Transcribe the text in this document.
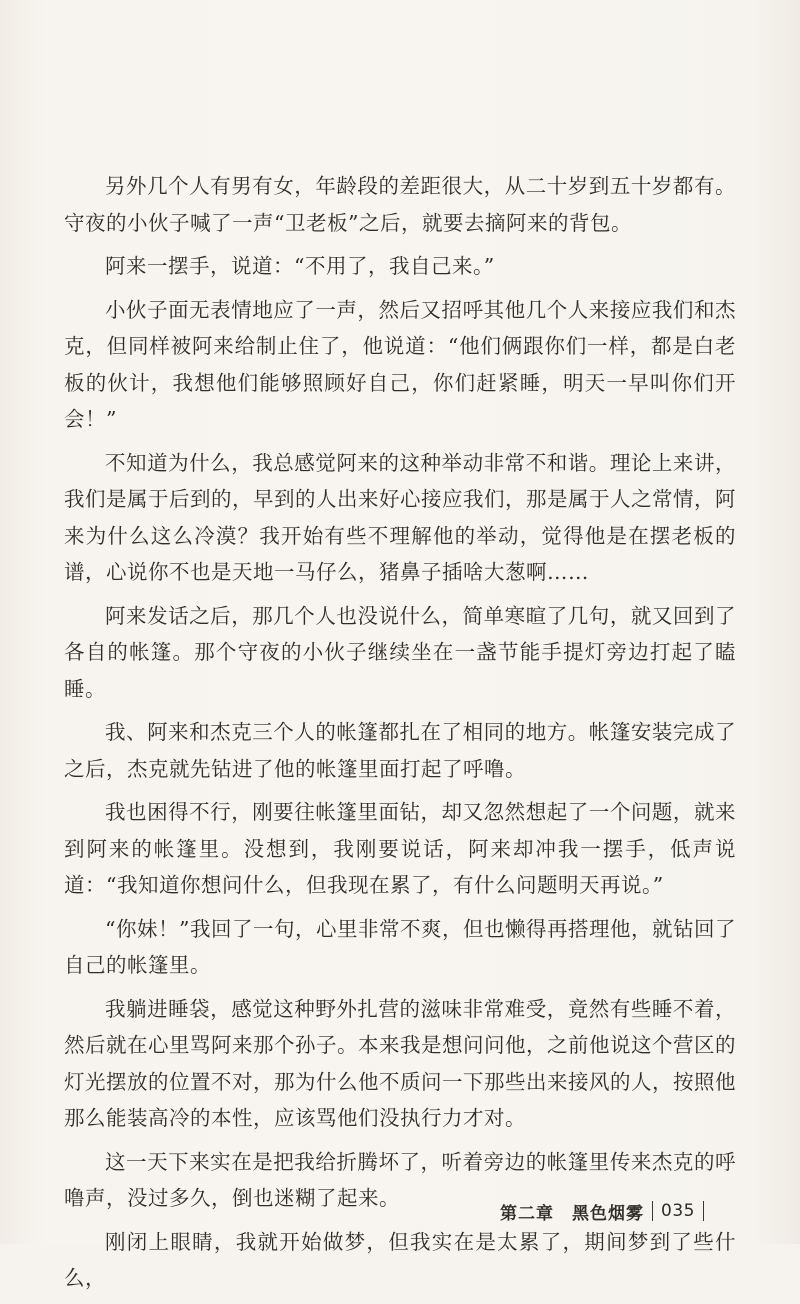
另外几个人有男有女，年龄段的差距很大，从二十岁到五十岁都有。守夜的小伙子喊了一声“卫老板”之后，就要去摘阿来的背包。

阿来一摆手，说道：“不用了，我自己来。”

小伙子面无表情地应了一声，然后又招呼其他几个人来接应我们和杰克，但同样被阿来给制止住了，他说道：“他们俩跟你们一样，都是白老板的伙计，我想他们能够照顾好自己，你们赶紧睡，明天一早叫你们开会！”

不知道为什么，我总感觉阿来的这种举动非常不和谐。理论上来讲，我们是属于后到的，早到的人出来好心接应我们，那是属于人之常情，阿来为什么这么冷漠？我开始有些不理解他的举动，觉得他是在摆老板的谱，心说你不也是天地一马仔么，猪鼻子插啥大葱啊……

阿来发话之后，那几个人也没说什么，简单寒暄了几句，就又回到了各自的帐篷。那个守夜的小伙子继续坐在一盏节能手提灯旁边打起了瞌睡。

我、阿来和杰克三个人的帐篷都扎在了相同的地方。帐篷安装完成了之后，杰克就先钻进了他的帐篷里面打起了呼噜。

我也困得不行，刚要往帐篷里面钻，却又忽然想起了一个问题，就来到阿来的帐篷里。没想到，我刚要说话，阿来却冲我一摆手，低声说道：“我知道你想问什么，但我现在累了，有什么问题明天再说。”

“你妹！”我回了一句，心里非常不爽，但也懒得再搭理他，就钻回了自己的帐篷里。

我躺进睡袋，感觉这种野外扎营的滋味非常难受，竟然有些睡不着，然后就在心里骂阿来那个孙子。本来我是想问问他，之前他说这个营区的灯光摆放的位置不对，那为什么他不质问一下那些出来接风的人，按照他那么能装高冷的本性，应该骂他们没执行力才对。

这一天下来实在是把我给折腾坏了，听着旁边的帐篷里传来杰克的呼噜声，没过多久，倒也迷糊了起来。

刚闭上眼睛，我就开始做梦，但我实在是太累了，期间梦到了些什么，

第二章 黑色烟雾 035
